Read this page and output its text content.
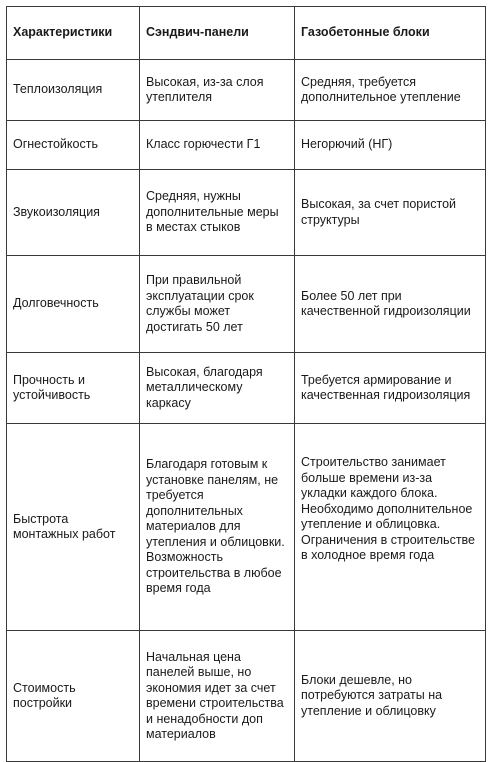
Характеристики	Сэндвич-панели	Газобетонные блоки
Теплоизоляция	Высокая, из-за слоя утеплителя	Средняя, требуется дополнительное утепление
Огнестойкость	Класс горючести Г1	Негорючий (НГ)
Звукоизоляция	Средняя, нужны дополнительные меры в местах стыков	Высокая, за счет пористой структуры
Долговечность	При правильной эксплуатации срок службы может достигать 50 лет	Более 50 лет при качественной гидроизоляции
Прочность и устойчивость	Высокая, благодаря металлическому каркасу	Требуется армирование и качественная гидроизоляция
Быстрота монтажных работ	Благодаря готовым к установке панелям, не требуется дополнительных материалов для утепления и облицовки. Возможность строительства в любое время года	Строительство занимает больше времени из-за укладки каждого блока. Необходимо дополнительное утепление и облицовка. Ограничения в строительстве в холодное время года
Стоимость постройки	Начальная цена панелей выше, но экономия идет за счет времени строительства и ненадобности доп материалов	Блоки дешевле, но потребуются затраты на утепление и облицовку
